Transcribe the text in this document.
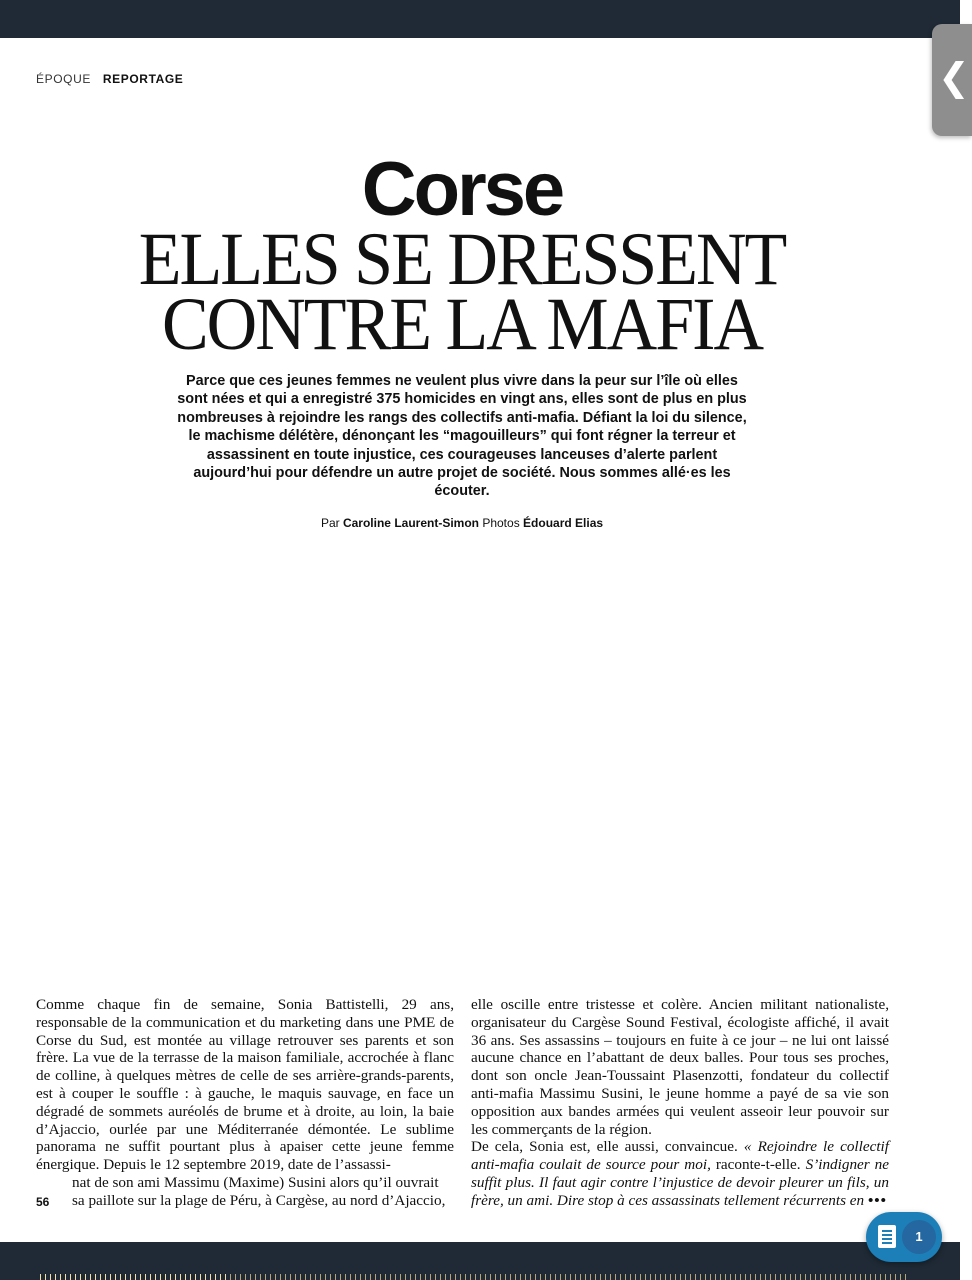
ÉPOQUE REPORTAGE	❮
Corse
ELLES SE DRESSENT
CONTRE LA MAFIA
Parce que ces jeunes femmes ne veulent plus vivre dans la peur sur l’île où elles sont nées et qui a enregistré 375 homicides en vingt ans, elles sont de plus en plus nombreuses à rejoindre les rangs des collectifs anti-mafia. Défiant la loi du silence, le machisme délétère, dénonçant les “magouilleurs” qui font régner la terreur et assassinent en toute injustice, ces courageuses lanceuses d’alerte parlent aujourd’hui pour défendre un autre projet de société. Nous sommes allé·es les écouter.
Par Caroline Laurent-Simon Photos Édouard Elias

Comme chaque fin de semaine, Sonia Battistelli, 29 ans, responsable de la communication et du marketing dans une PME de Corse du Sud, est montée au village retrouver ses parents et son frère. La vue de la terrasse de la maison familiale, accrochée à flanc de colline, à quelques mètres de celle de ses arrière-grands-parents, est à couper le souffle : à gauche, le maquis sauvage, en face un dégradé de sommets auréolés de brume et à droite, au loin, la baie d’Ajaccio, ourlée par une Méditerranée démontée. Le sublime panorama ne suffit pourtant plus à apaiser cette jeune femme énergique. Depuis le 12 septembre 2019, date de l’assassi-

nat de son ami Massimu (Maxime) Susini alors qu’il ouvrait

sa paillote sur la plage de Péru, à Cargèse, au nord d’Ajaccio,

56

elle oscille entre tristesse et colère. Ancien militant nationaliste, organisateur du Cargèse Sound Festival, écologiste affiché, il avait 36 ans. Ses assassins – toujours en fuite à ce jour – ne lui ont laissé aucune chance en l’abattant de deux balles. Pour tous ses proches, dont son oncle Jean-Toussaint Plasenzotti, fondateur du collectif anti-mafia Massimu Susini, le jeune homme a payé de sa vie son opposition aux bandes armées qui veulent asseoir leur pouvoir sur les commerçants de la région.

De cela, Sonia est, elle aussi, convaincue. « Rejoindre le collectif anti-mafia coulait de source pour moi, raconte-t-elle. S’indigner ne suffit plus. Il faut agir contre l’injustice de devoir pleurer un fils, un frère, un ami. Dire stop à ces assassinats tellement récurrents en •••

1
